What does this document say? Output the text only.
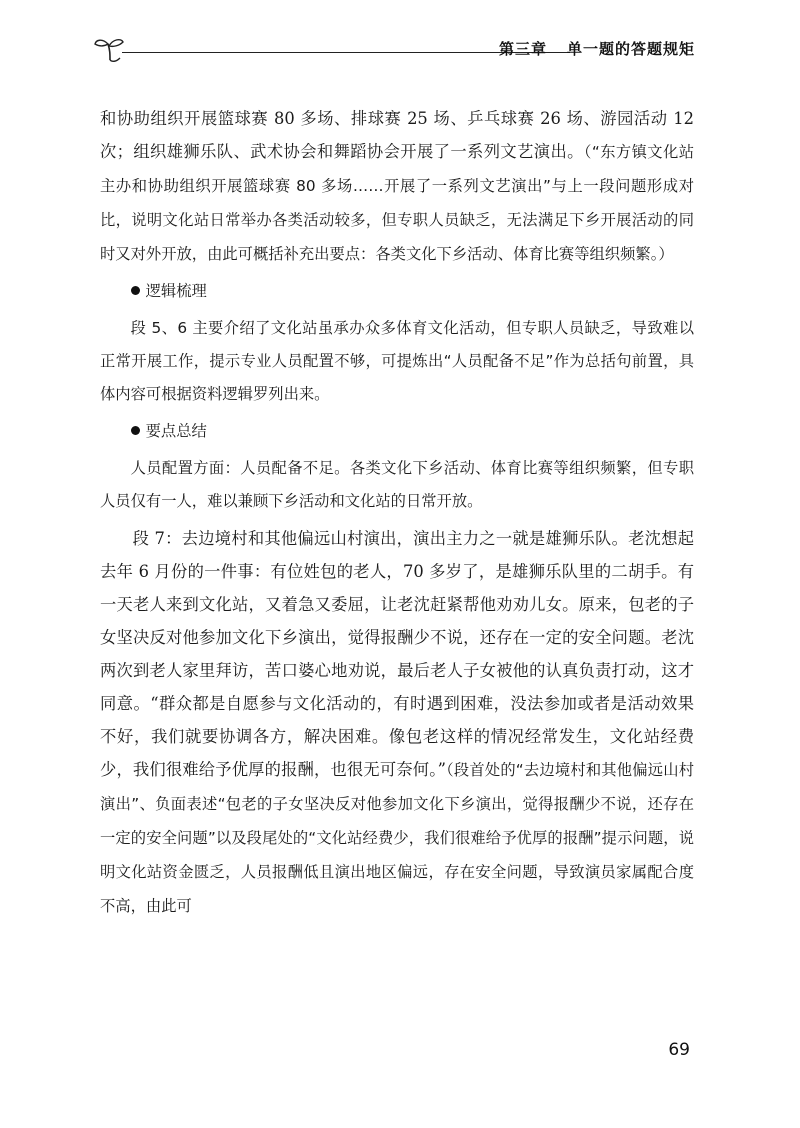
第三章 单一题的答题规矩

和协助组织开展篮球赛 80 多场、排球赛 25 场、乒乓球赛 26 场、游园活动 12 次；组织雄狮乐队、武术协会和舞蹈协会开展了一系列文艺演出。（“东方镇文化站主办和协助组织开展篮球赛 80 多场……开展了一系列文艺演出”与上一段问题形成对比，说明文化站日常举办各类活动较多，但专职人员缺乏，无法满足下乡开展活动的同时又对外开放，由此可概括补充出要点：各类文化下乡活动、体育比赛等组织频繁。）

逻辑梳理

段 5、6 主要介绍了文化站虽承办众多体育文化活动，但专职人员缺乏，导致难以正常开展工作，提示专业人员配置不够，可提炼出“人员配备不足”作为总括句前置，具体内容可根据资料逻辑罗列出来。

要点总结

人员配置方面：人员配备不足。各类文化下乡活动、体育比赛等组织频繁，但专职人员仅有一人，难以兼顾下乡活动和文化站的日常开放。

段 7：去边境村和其他偏远山村演出，演出主力之一就是雄狮乐队。老沈想起去年 6 月份的一件事：有位姓包的老人，70 多岁了，是雄狮乐队里的二胡手。有一天老人来到文化站，又着急又委屈，让老沈赶紧帮他劝劝儿女。原来，包老的子女坚决反对他参加文化下乡演出，觉得报酬少不说，还存在一定的安全问题。老沈两次到老人家里拜访，苦口婆心地劝说，最后老人子女被他的认真负责打动，这才同意。“群众都是自愿参与文化活动的，有时遇到困难，没法参加或者是活动效果不好，我们就要协调各方，解决困难。像包老这样的情况经常发生，文化站经费少，我们很难给予优厚的报酬，也很无可奈何。”（段首处的“去边境村和其他偏远山村演出”、负面表述“包老的子女坚决反对他参加文化下乡演出，觉得报酬少不说，还存在一定的安全问题”以及段尾处的“文化站经费少，我们很难给予优厚的报酬”提示问题，说明文化站资金匮乏，人员报酬低且演出地区偏远，存在安全问题，导致演员家属配合度不高，由此可

69
